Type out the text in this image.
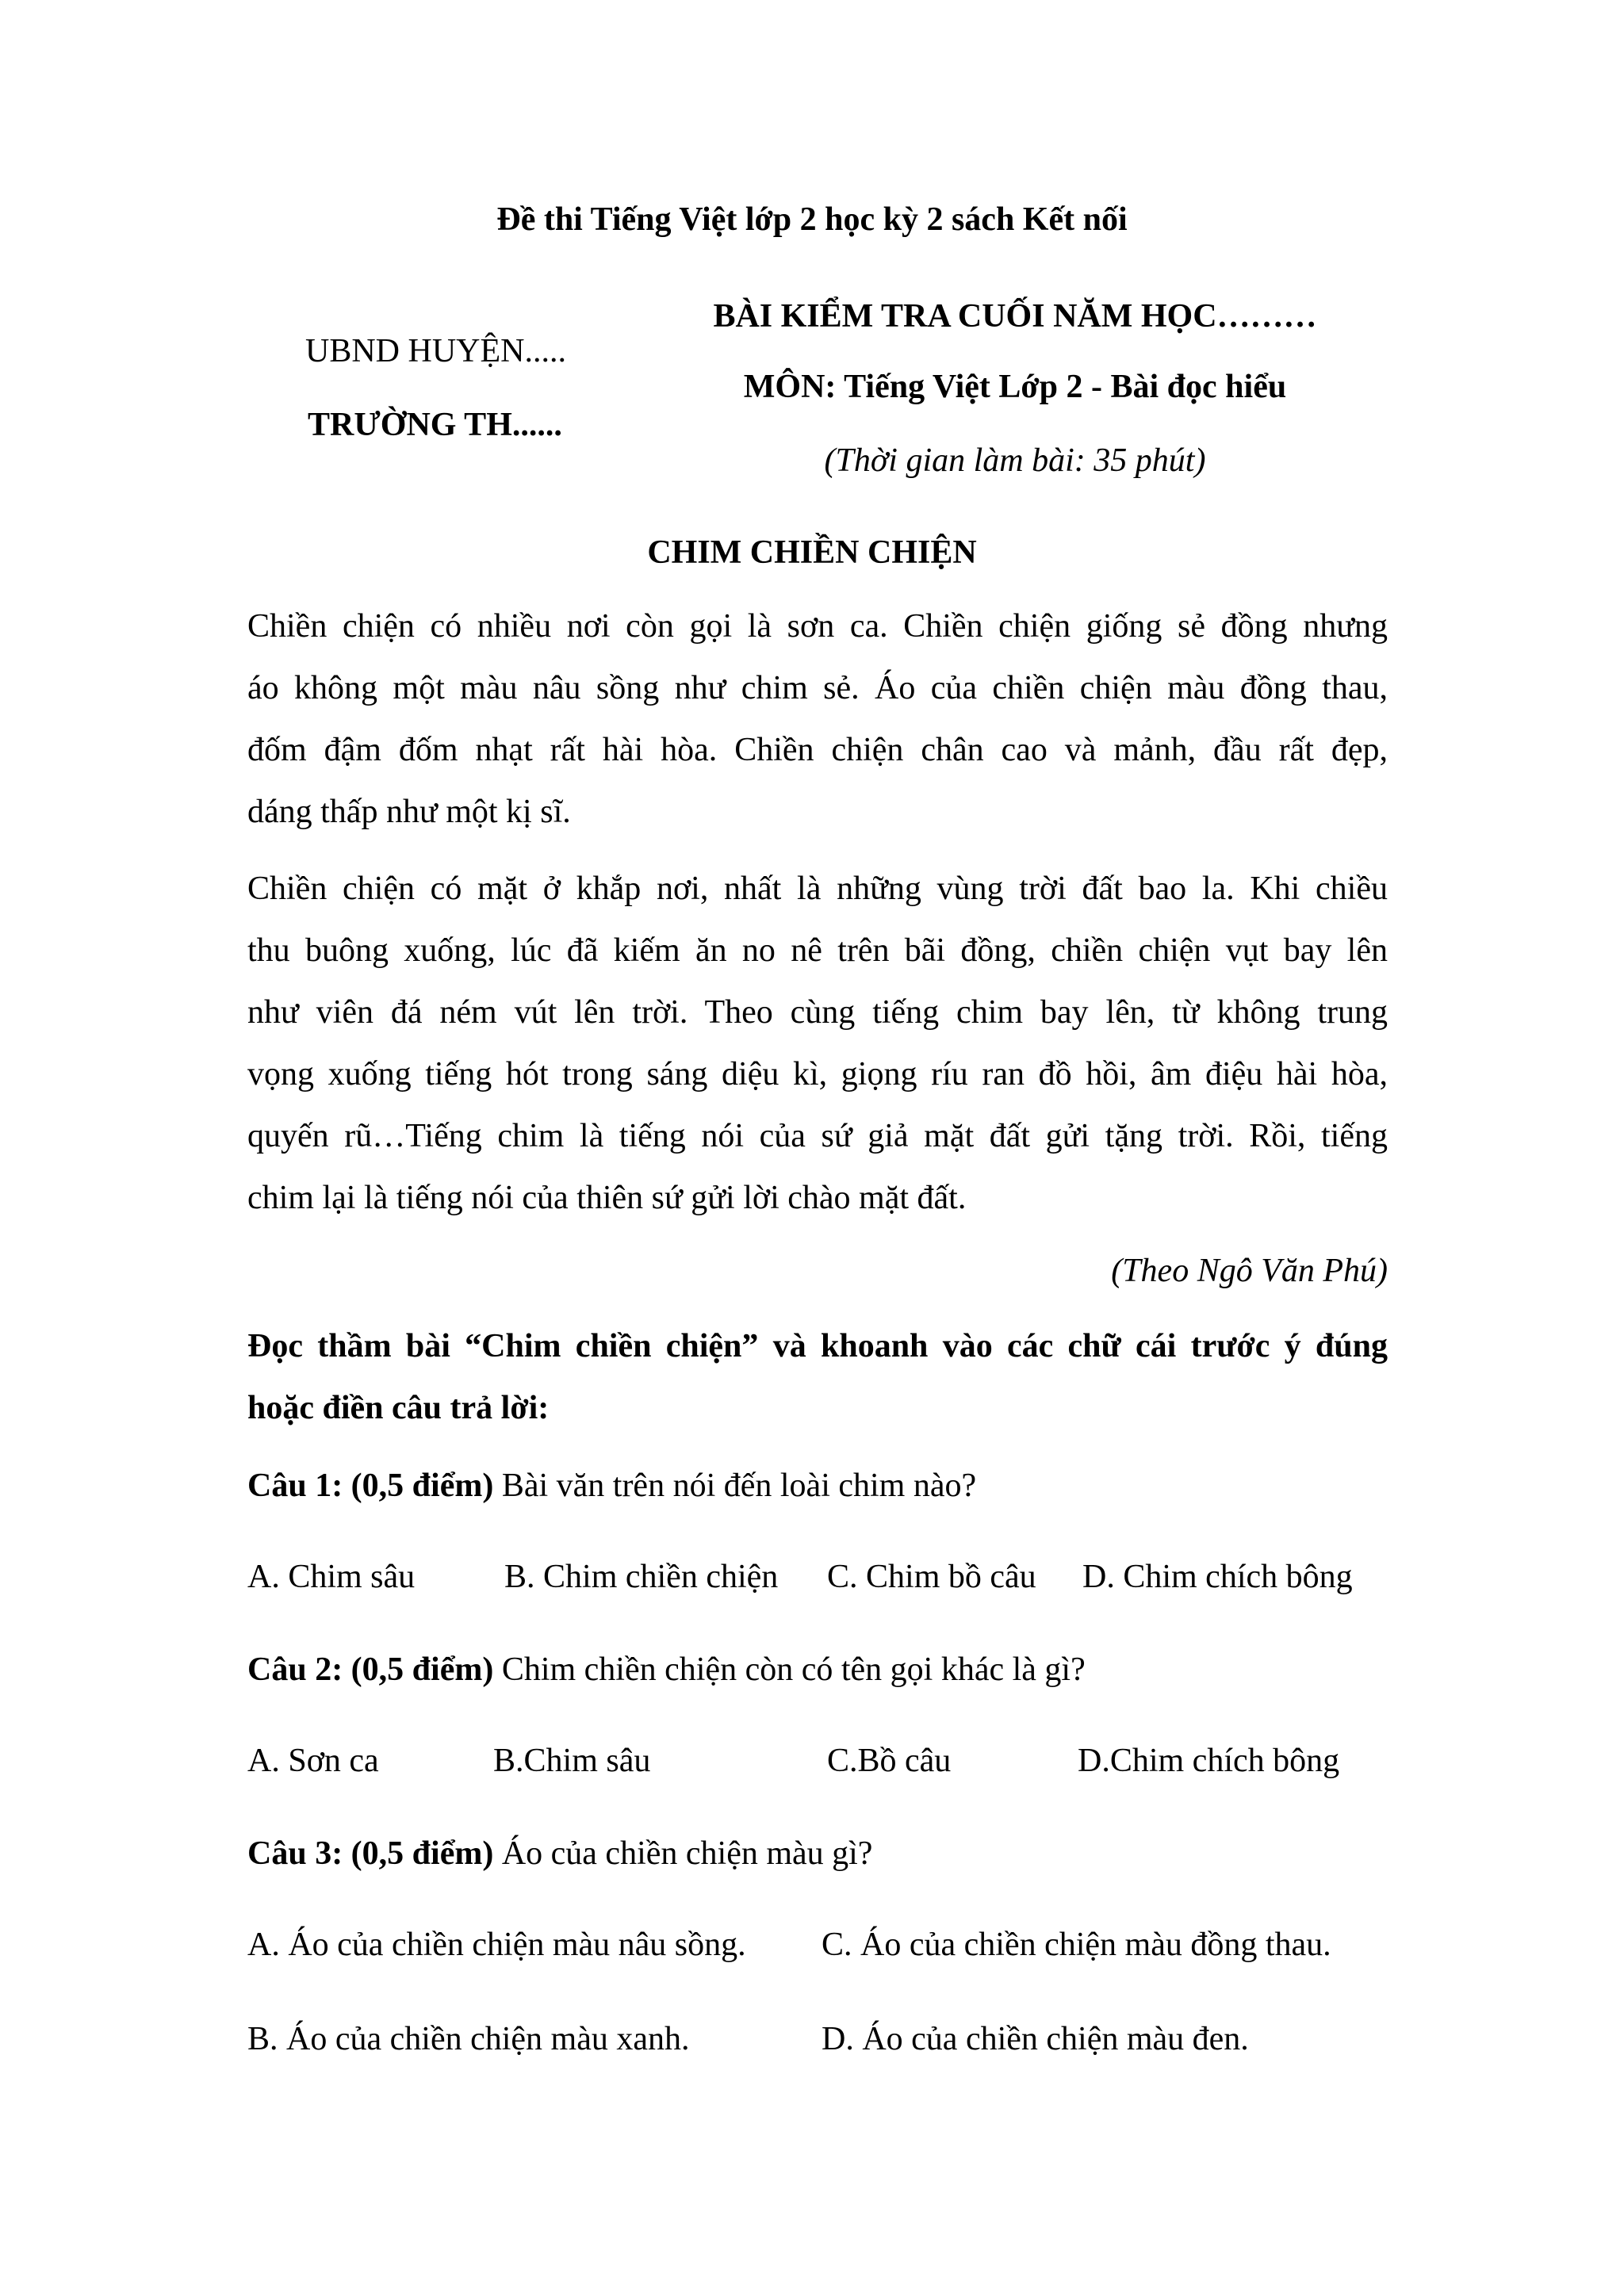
Đề thi Tiếng Việt lớp 2 học kỳ 2 sách Kết nối
UBND HUYỆN.....
TRƯỜNG TH......
BÀI KIỂM TRA CUỐI NĂM HỌC………
MÔN: Tiếng Việt Lớp 2 - Bài đọc hiểu
(Thời gian làm bài: 35 phút)
CHIM CHIỀN CHIỆN
Chiền chiện có nhiều nơi còn gọi là sơn ca. Chiền chiện giống sẻ đồng nhưng
áo không một màu nâu sồng như chim sẻ. Áo của chiền chiện màu đồng thau,
đốm đậm đốm nhạt rất hài hòa. Chiền chiện chân cao và mảnh, đầu rất đẹp,
dáng thấp như một kị sĩ.
Chiền chiện có mặt ở khắp nơi, nhất là những vùng trời đất bao la. Khi chiều
thu buông xuống, lúc đã kiếm ăn no nê trên bãi đồng, chiền chiện vụt bay lên
như viên đá ném vút lên trời. Theo cùng tiếng chim bay lên, từ không trung
vọng xuống tiếng hót trong sáng diệu kì, giọng ríu ran đồ hồi, âm điệu hài hòa,
quyến rũ…Tiếng chim là tiếng nói của sứ giả mặt đất gửi tặng trời. Rồi, tiếng
chim lại là tiếng nói của thiên sứ gửi lời chào mặt đất.
(Theo Ngô Văn Phú)
Đọc thầm bài “Chim chiền chiện” và khoanh vào các chữ cái trước ý đúng
hoặc điền câu trả lời:
Câu 1: (0,5 điểm) Bài văn trên nói đến loài chim nào?
A. Chim sâu	B. Chim chiền chiện C. Chim bồ câu D. Chim chích bông
Câu 2: (0,5 điểm) Chim chiền chiện còn có tên gọi khác là gì?
A. Sơn ca	B.Chim sâu	C.Bồ câu	D.Chim chích bông
Câu 3: (0,5 điểm) Áo của chiền chiện màu gì?
A. Áo của chiền chiện màu nâu sồng. C. Áo của chiền chiện màu đồng thau.
B. Áo của chiền chiện màu xanh.	D. Áo của chiền chiện màu đen.
